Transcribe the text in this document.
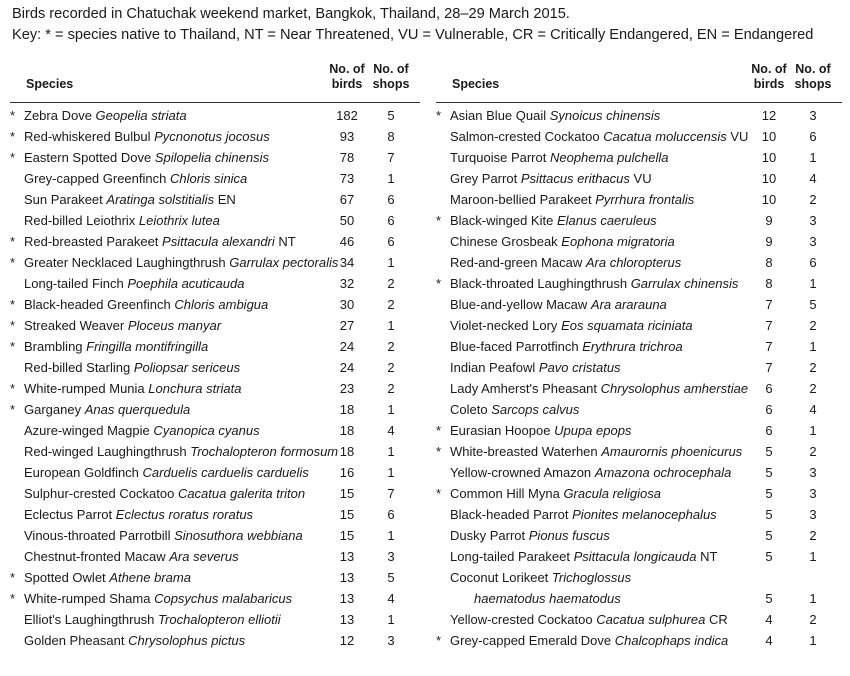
Birds recorded in Chatuchak weekend market, Bangkok, Thailand, 28–29 March 2015.
Key: * = species native to Thailand, NT = Near Threatened, VU = Vulnerable, CR = Critically Endangered, EN = Endangered
Species
No. of
birds
No. of
shops
* Zebra Dove Geopelia striata	182	5
* Red-whiskered Bulbul Pycnonotus jocosus	93	8
* Eastern Spotted Dove Spilopelia chinensis	78	7
Grey-capped Greenfinch Chloris sinica	73	1
Sun Parakeet Aratinga solstitialis EN	67	6
Red-billed Leiothrix Leiothrix lutea	50	6
* Red-breasted Parakeet Psittacula alexandri NT	46	6
* Greater Necklaced Laughingthrush Garrulax pectoralis 34	1
Long-tailed Finch Poephila acuticauda	32	2
* Black-headed Greenfinch Chloris ambigua	30	2
* Streaked Weaver Ploceus manyar	27	1
* Brambling Fringilla montifringilla	24	2
Red-billed Starling Poliopsar sericeus	24	2
* White-rumped Munia Lonchura striata	23	2
* Garganey Anas querquedula	18	1
Azure-winged Magpie Cyanopica cyanus	18	4
Red-winged Laughingthrush Trochalopteron formosum 18	1
European Goldfinch Carduelis carduelis carduelis	16	1
Sulphur-crested Cockatoo Cacatua galerita triton	15	7
Eclectus Parrot Eclectus roratus roratus	15	6
Vinous-throated Parrotbill Sinosuthora webbiana	15	1
Chestnut-fronted Macaw Ara severus	13	3
* Spotted Owlet Athene brama	13	5
* White-rumped Shama Copsychus malabaricus	13	4
Elliot's Laughingthrush Trochalopteron elliotii	13	1
Golden Pheasant Chrysolophus pictus	12	3
Species
No. of
birds
No. of
shops
* Asian Blue Quail Synoicus chinensis	12	3
Salmon-crested Cockatoo Cacatua moluccensis VU	10	6
Turquoise Parrot Neophema pulchella	10	1
Grey Parrot Psittacus erithacus VU	10	4
Maroon-bellied Parakeet Pyrrhura frontalis	10	2
* Black-winged Kite Elanus caeruleus	9	3
Chinese Grosbeak Eophona migratoria	9	3
Red-and-green Macaw Ara chloropterus	8	6
* Black-throated Laughingthrush Garrulax chinensis	8	1
Blue-and-yellow Macaw Ara ararauna	7	5
Violet-necked Lory Eos squamata riciniata	7	2
Blue-faced Parrotfinch Erythrura trichroa	7	1
Indian Peafowl Pavo cristatus	7	2
Lady Amherst's Pheasant Chrysolophus amherstiae	6	2
Coleto Sarcops calvus	6	4
* Eurasian Hoopoe Upupa epops	6	1
* White-breasted Waterhen Amaurornis phoenicurus	5	2
Yellow-crowned Amazon Amazona ochrocephala	5	3
* Common Hill Myna Gracula religiosa	5	3
Black-headed Parrot Pionites melanocephalus	5	3
Dusky Parrot Pionus fuscus	5	2
Long-tailed Parakeet Psittacula longicauda NT	5	1
Coconut Lorikeet Trichoglossus
haematodus haematodus	5	1
Yellow-crested Cockatoo Cacatua sulphurea CR	4	2
* Grey-capped Emerald Dove Chalcophaps indica	4	1
